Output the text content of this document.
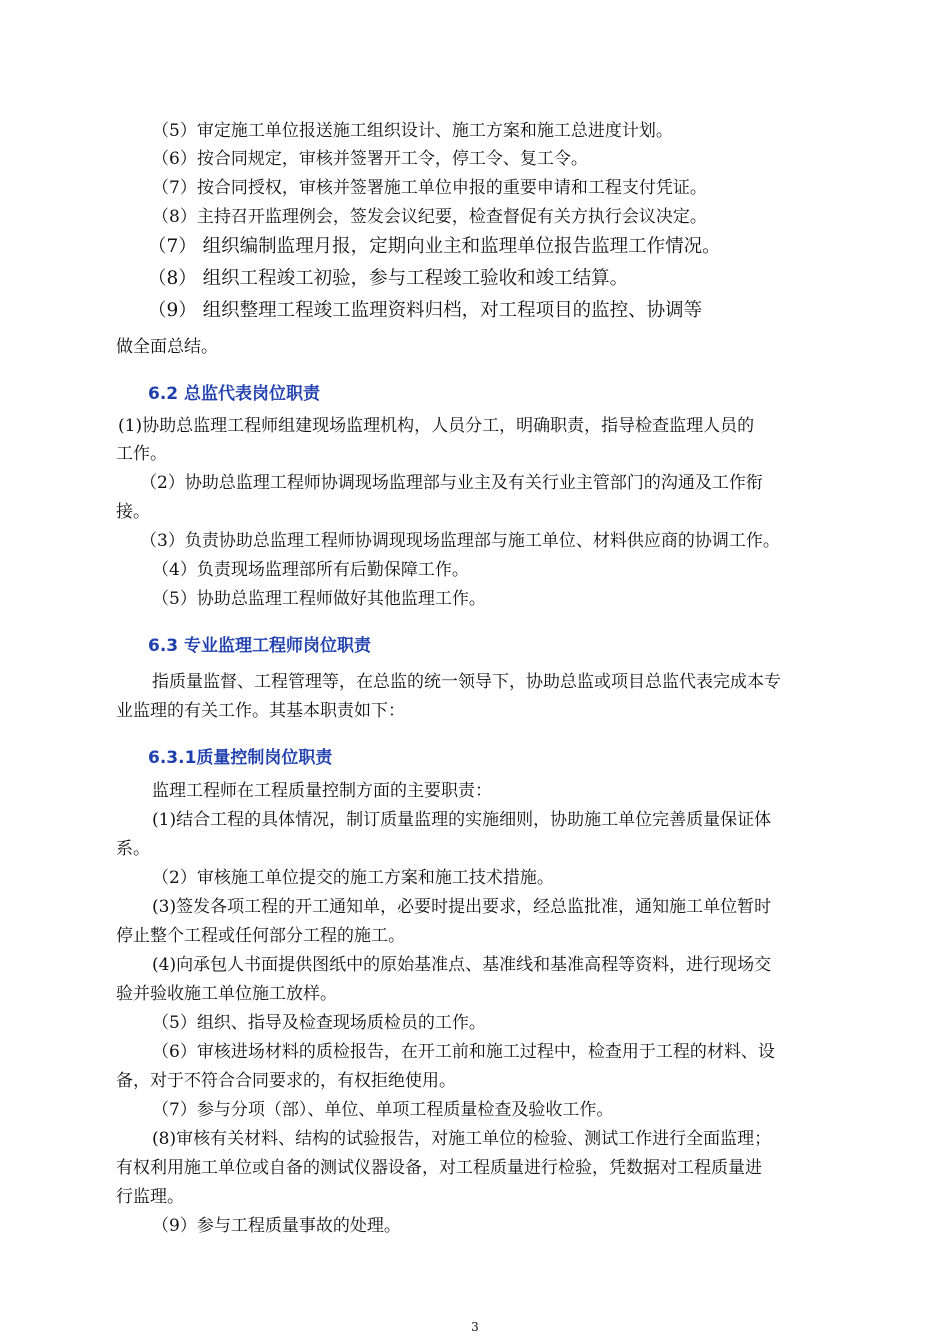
（5）审定施工单位报送施工组织设计、施工方案和施工总进度计划。
（6）按合同规定，审核并签署开工令，停工令、复工令。
（7）按合同授权，审核并签署施工单位申报的重要申请和工程支付凭证。
（8）主持召开监理例会，签发会议纪要，检查督促有关方执行会议决定。
（7） 组织编制监理月报，定期向业主和监理单位报告监理工作情况。
（8） 组织工程竣工初验，参与工程竣工验收和竣工结算。
（9） 组织整理工程竣工监理资料归档，对工程项目的监控、协调等
做全面总结。
6.2 总监代表岗位职责
(1)协助总监理工程师组建现场监理机构，人员分工，明确职责，指导检查监理人员的
工作。
（2）协助总监理工程师协调现场监理部与业主及有关行业主管部门的沟通及工作衔
接。
（3）负责协助总监理工程师协调现现场监理部与施工单位、材料供应商的协调工作。
（4）负责现场监理部所有后勤保障工作。
（5）协助总监理工程师做好其他监理工作。
6.3 专业监理工程师岗位职责
指质量监督、工程管理等，在总监的统一领导下，协助总监或项目总监代表完成本专
业监理的有关工作。其基本职责如下：
6.3.1质量控制岗位职责
监理工程师在工程质量控制方面的主要职责：
(1)结合工程的具体情况，制订质量监理的实施细则，协助施工单位完善质量保证体
系。
（2）审核施工单位提交的施工方案和施工技术措施。
(3)签发各项工程的开工通知单，必要时提出要求，经总监批准，通知施工单位暂时
停止整个工程或任何部分工程的施工。
(4)向承包人书面提供图纸中的原始基准点、基准线和基准高程等资料，进行现场交
验并验收施工单位施工放样。
（5）组织、指导及检查现场质检员的工作。
（6）审核进场材料的质检报告，在开工前和施工过程中，检查用于工程的材料、设
备，对于不符合合同要求的，有权拒绝使用。
（7）参与分项（部）、单位、单项工程质量检查及验收工作。
(8)审核有关材料、结构的试验报告，对施工单位的检验、测试工作进行全面监理；
有权利用施工单位或自备的测试仪器设备，对工程质量进行检验，凭数据对工程质量进
行监理。
（9）参与工程质量事故的处理。
3
